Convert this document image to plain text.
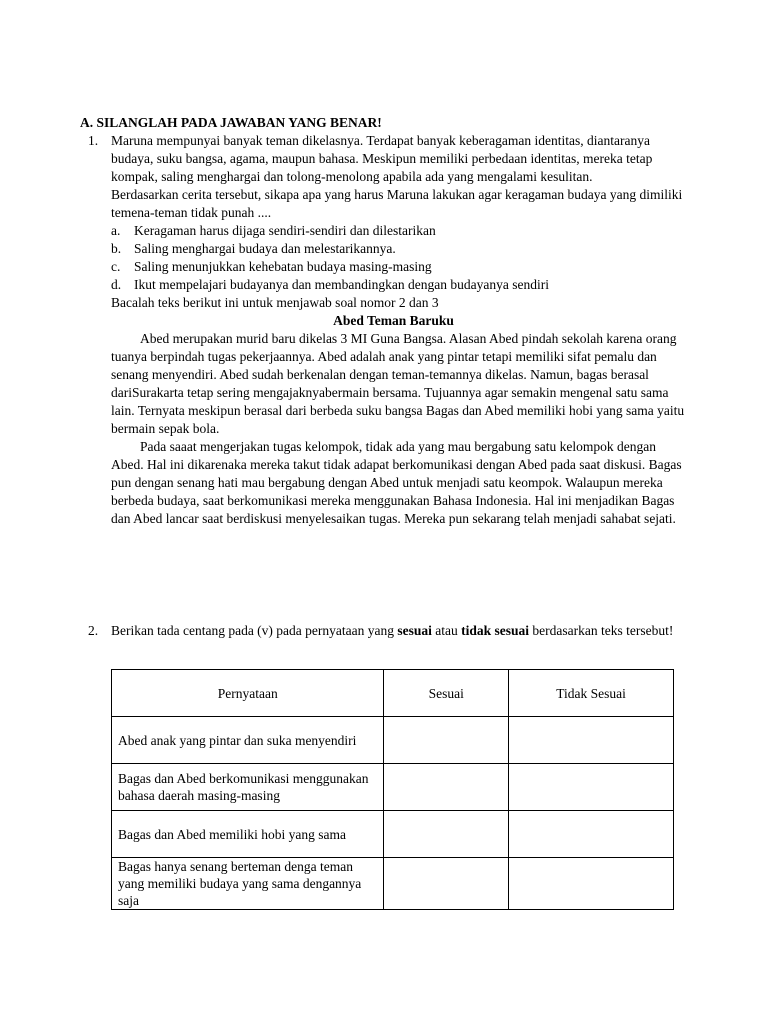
A. SILANGLAH PADA JAWABAN YANG BENAR!
1. Maruna mempunyai banyak teman dikelasnya. Terdapat banyak keberagaman identitas, diantaranya budaya, suku bangsa, agama, maupun bahasa. Meskipun memiliki perbedaan identitas, mereka tetap kompak, saling menghargai dan tolong-menolong apabila ada yang mengalami kesulitan.

Berdasarkan cerita tersebut, sikapa apa yang harus Maruna lakukan agar keragaman budaya yang dimiliki temena-teman tidak punah ....

a. Keragaman harus dijaga sendiri-sendiri dan dilestarikan
b. Saling menghargai budaya dan melestarikannya.
c. Saling menunjukkan kehebatan budaya masing-masing
d. Ikut mempelajari budayanya dan membandingkan dengan budayanya sendiri

Bacalah teks berikut ini untuk menjawab soal nomor 2 dan 3

Abed Teman Baruku

Abed merupakan murid baru dikelas 3 MI Guna Bangsa. Alasan Abed pindah sekolah karena orang tuanya berpindah tugas pekerjaannya. Abed adalah anak yang pintar tetapi memiliki sifat pemalu dan senang menyendiri. Abed sudah berkenalan dengan teman-temannya dikelas. Namun, bagas berasal dariSurakarta tetap sering mengajaknyabermain bersama. Tujuannya agar semakin mengenal satu sama lain. Ternyata meskipun berasal dari berbeda suku bangsa Bagas dan Abed memiliki hobi yang sama yaitu bermain sepak bola.

Pada saaat mengerjakan tugas kelompok, tidak ada yang mau bergabung satu kelompok dengan Abed. Hal ini dikarenaka mereka takut tidak adapat berkomunikasi dengan Abed pada saat diskusi. Bagas pun dengan senang hati mau bergabung dengan Abed untuk menjadi satu keompok. Walaupun mereka berbeda budaya, saat berkomunikasi mereka menggunakan Bahasa Indonesia. Hal ini menjadikan Bagas dan Abed lancar saat berdiskusi menyelesaikan tugas. Mereka pun sekarang telah menjadi sahabat sejati.

2. Berikan tada centang pada (v) pada pernyataan yang sesuai atau tidak sesuai berdasarkan teks tersebut!

Pernyataan	Sesuai	Tidak Sesuai
Abed anak yang pintar dan suka menyendiri		
Bagas dan Abed berkomunikasi menggunakan bahasa daerah masing-masing		
Bagas dan Abed memiliki hobi yang sama		
Bagas hanya senang berteman denga teman yang memiliki budaya yang sama dengannya saja		
